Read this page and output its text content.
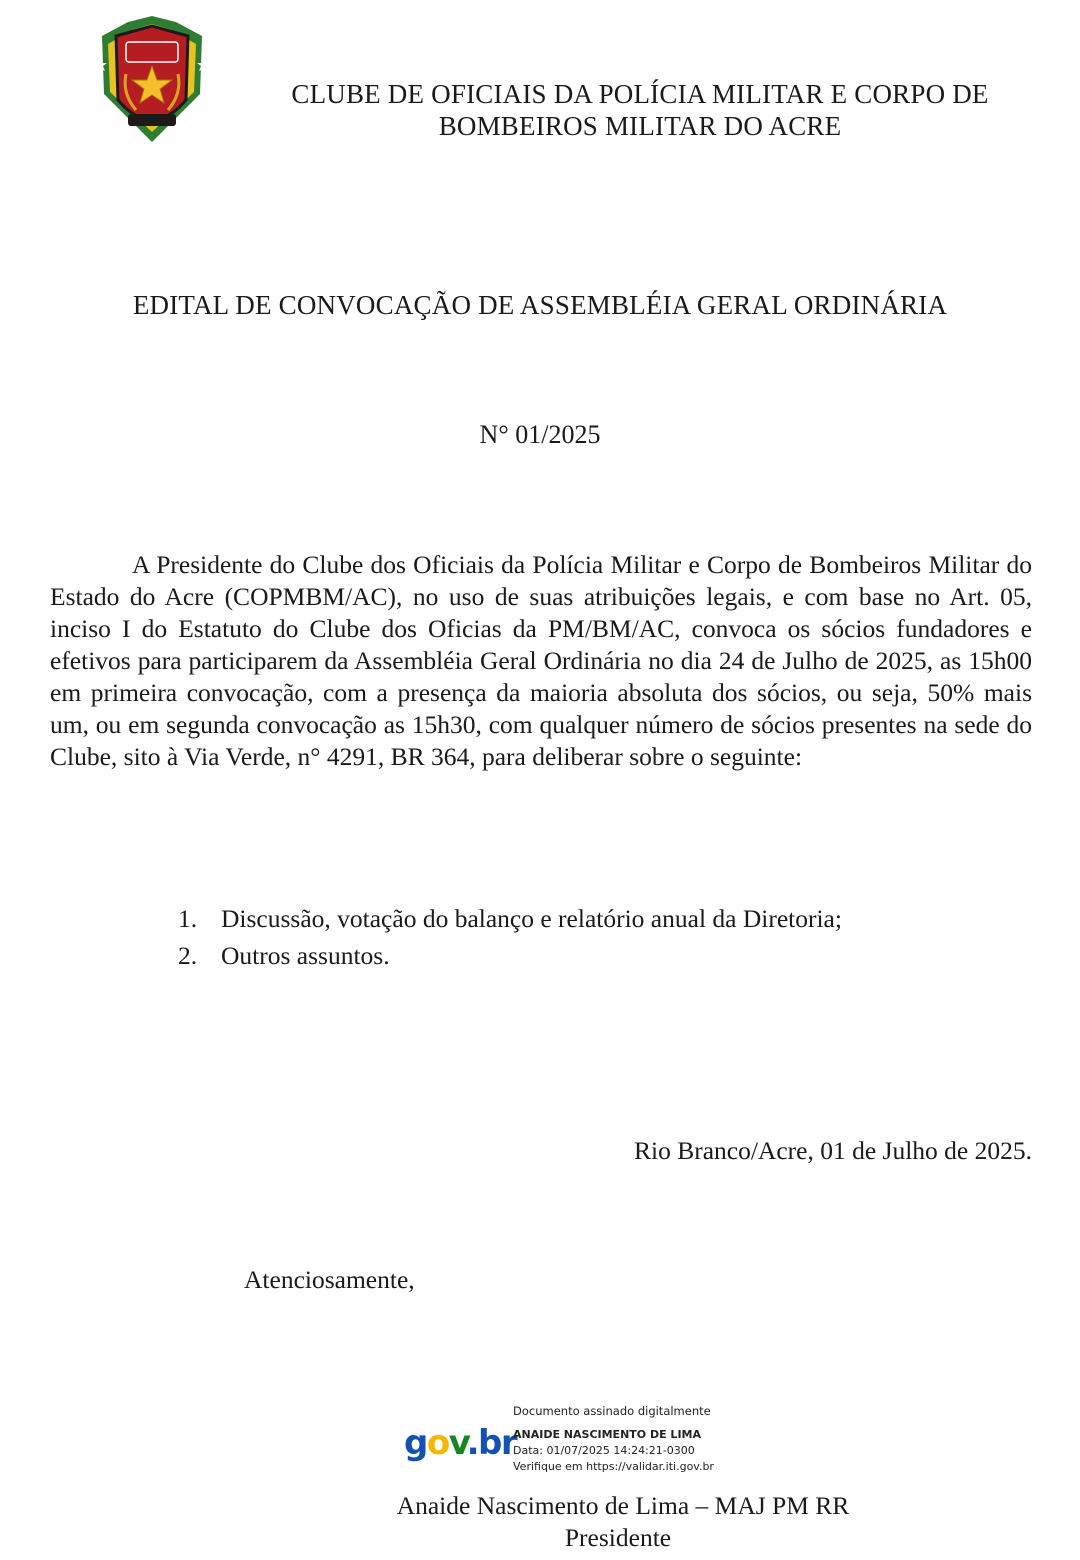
CLUBE DE OFICIAIS DA POLÍCIA MILITAR E CORPO DE
BOMBEIROS MILITAR DO ACRE
EDITAL DE CONVOCAÇÃO DE ASSEMBLÉIA GERAL ORDINÁRIA
N° 01/2025

A Presidente do Clube dos Oficiais da Polícia Militar e Corpo de Bombeiros Militar do Estado do Acre (COPMBM/AC), no uso de suas atribuições legais, e com base no Art. 05, inciso I do Estatuto do Clube dos Oficias da PM/BM/AC, convoca os sócios fundadores e efetivos para participarem da Assembléia Geral Ordinária no dia 24 de Julho de 2025, as 15h00 em primeira convocação, com a presença da maioria absoluta dos sócios, ou seja, 50% mais um, ou em segunda convocação as 15h30, com qualquer número de sócios presentes na sede do Clube, sito à Via Verde, n° 4291, BR 364, para deliberar sobre o seguinte:

1. Discussão, votação do balanço e relatório anual da Diretoria;
2. Outros assuntos.
Rio Branco/Acre, 01 de Julho de 2025.
Atenciosamente,
gov.br
Documento assinado digitalmente
ANAIDE NASCIMENTO DE LIMA
Data: 01/07/2025 14:24:21-0300
Verifique em https://validar.iti.gov.br
Anaide Nascimento de Lima – MAJ PM RR
Presidente
